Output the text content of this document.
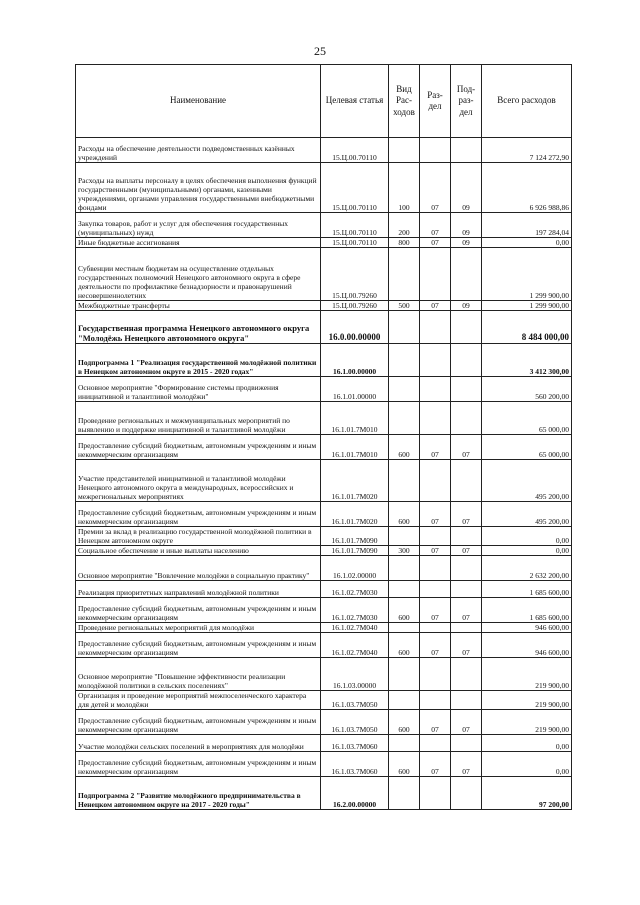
25
Наименование	Целевая статья	Вид Рас-ходов	Раз-дел	Под-раз-дел	Всего расходов
Расходы на обеспечение деятельности подведомственных казённых учреждений	15.Ц.00.70110				7 124 272,90
Расходы на выплаты персоналу в целях обеспечения выполнения функций государственными (муниципальными) органами, казенными учреждениями, органами управления государственными внебюджетными фондами	15.Ц.00.70110	100	07	09	6 926 988,86
Закупка товаров, работ и услуг для обеспечения государственных (муниципальных) нужд	15.Ц.00.70110	200	07	09	197 284,04
Иные бюджетные ассигнования	15.Ц.00.70110	800	07	09	0,00
Субвенции местным бюджетам на осуществление отдельных государственных полномочий Ненецкого автономного округа в сфере деятельности по профилактике безнадзорности и правонарушений несовершеннолетних	15.Ц.00.79260				1 299 900,00
Межбюджетные трансферты	15.Ц.00.79260	500	07	09	1 299 900,00
Государственная программа Ненецкого автономного округа "Молодёжь Ненецкого автономного округа"	16.0.00.00000				8 484 000,00
Подпрограмма 1 "Реализация государственной молодёжной политики в Ненецком автономном округе в 2015 - 2020 годах"	16.1.00.00000				3 412 300,00
Основное мероприятие "Формирование системы продвижения инициативной и талантливой молодёжи"	16.1.01.00000				560 200,00
Проведение региональных и межмуниципальных мероприятий по выявлению и поддержке инициативной и талантливой молодёжи	16.1.01.7М010				65 000,00
Предоставление субсидий бюджетным, автономным учреждениям и иным некоммерческим организациям	16.1.01.7М010	600	07	07	65 000,00
Участие представителей инициативной и талантливой молодёжи Ненецкого автономного округа в международных, всероссийских и межрегиональных мероприятиях	16.1.01.7М020				495 200,00
Предоставление субсидий бюджетным, автономным учреждениям и иным некоммерческим организациям	16.1.01.7М020	600	07	07	495 200,00
Премии за вклад в реализацию государственной молодёжной политики в Ненецком автономном округе	16.1.01.7М090				0,00
Социальное обеспечение и иные выплаты населению	16.1.01.7М090	300	07	07	0,00
Основное мероприятие "Вовлечение молодёжи в социальную практику"	16.1.02.00000				2 632 200,00
Реализация приоритетных направлений молодёжной политики	16.1.02.7М030				1 685 600,00
Предоставление субсидий бюджетным, автономным учреждениям и иным некоммерческим организациям	16.1.02.7М030	600	07	07	1 685 600,00
Проведение региональных мероприятий для молодёжи	16.1.02.7М040				946 600,00
Предоставление субсидий бюджетным, автономным учреждениям и иным некоммерческим организациям	16.1.02.7М040	600	07	07	946 600,00
Основное мероприятие "Повышение эффективности реализации молодёжной политики в сельских поселениях"	16.1.03.00000				219 900,00
Организация и проведение мероприятий межпоселенческого характера для детей и молодёжи	16.1.03.7М050				219 900,00
Предоставление субсидий бюджетным, автономным учреждениям и иным некоммерческим организациям	16.1.03.7М050	600	07	07	219 900,00
Участие молодёжи сельских поселений в мероприятиях для молодёжи	16.1.03.7М060				0,00
Предоставление субсидий бюджетным, автономным учреждениям и иным некоммерческим организациям	16.1.03.7М060	600	07	07	0,00
Подпрограмма 2 "Развитие молодёжного предпринимательства в Ненецком автономном округе на 2017 - 2020 годы"	16.2.00.00000				97 200,00
